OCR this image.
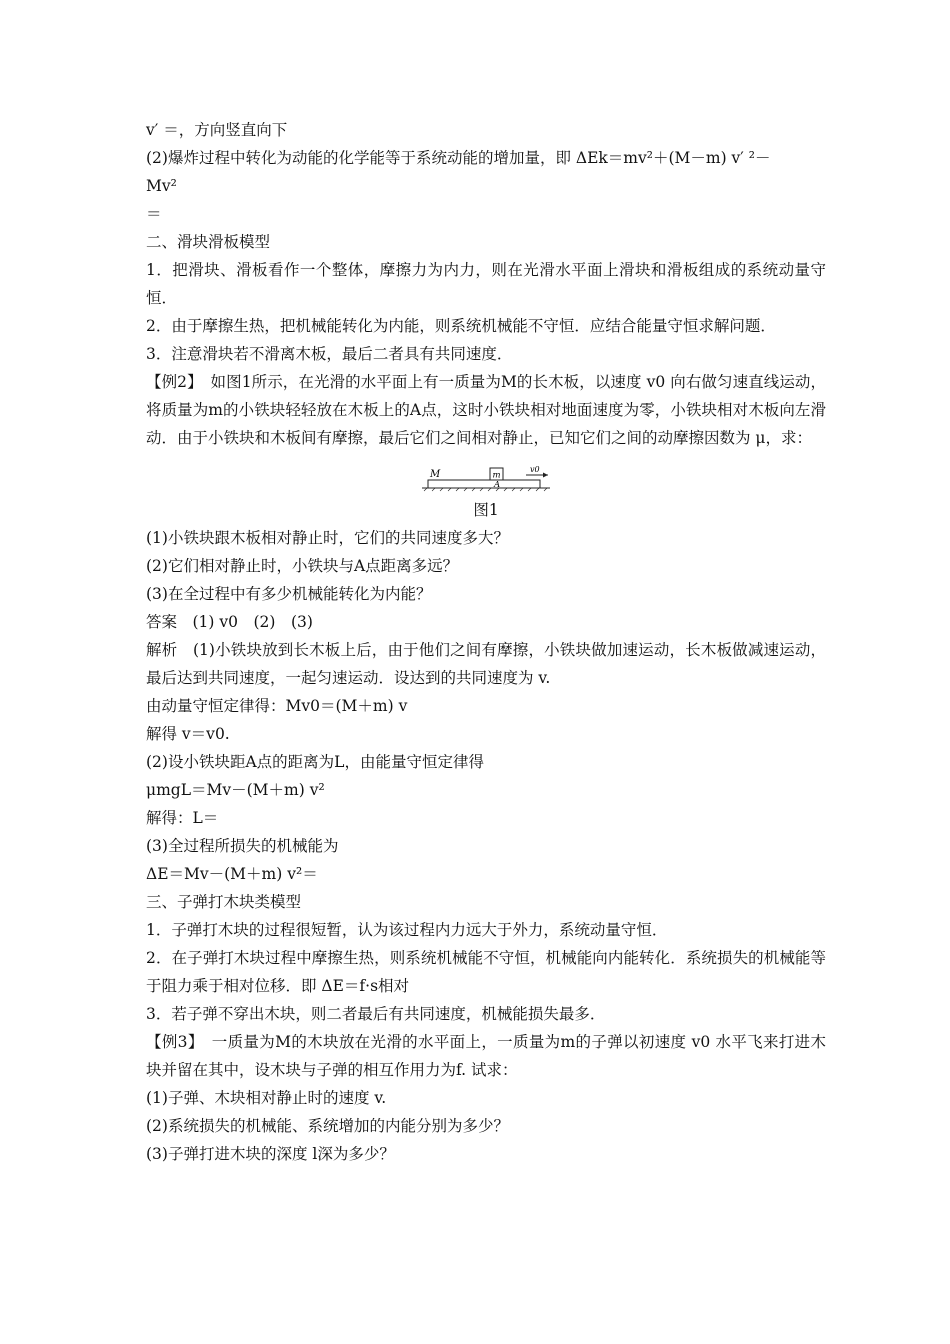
v′ ＝，方向竖直向下

(2)爆炸过程中转化为动能的化学能等于系统动能的增加量，即 ΔEk＝mv²＋(M－m) v′ ²－

Mv²

＝

二、滑块滑板模型

1．把滑块、滑板看作一个整体，摩擦力为内力，则在光滑水平面上滑块和滑板组成的系统动量守恒．

2．由于摩擦生热，把机械能转化为内能，则系统机械能不守恒．应结合能量守恒求解问题．

3．注意滑块若不滑离木板，最后二者具有共同速度．

【例2】　如图1所示，在光滑的水平面上有一质量为M的长木板，以速度 v0 向右做匀速直线运动，将质量为m的小铁块轻轻放在木板上的A点，这时小铁块相对地面速度为零，小铁块相对木板向左滑动．由于小铁块和木板间有摩擦，最后它们之间相对静止，已知它们之间的动摩擦因数为 μ，求：

M	m
A
v0
图1

(1)小铁块跟木板相对静止时，它们的共同速度多大？

(2)它们相对静止时，小铁块与A点距离多远？

(3)在全过程中有多少机械能转化为内能？

答案　(1) v0　(2)　(3)

解析　(1)小铁块放到长木板上后，由于他们之间有摩擦，小铁块做加速运动，长木板做减速运动，最后达到共同速度，一起匀速运动．设达到的共同速度为 v.

由动量守恒定律得：Mv0＝(M＋m) v

解得 v＝v0.

(2)设小铁块距A点的距离为L，由能量守恒定律得

μmgL＝Mv－(M＋m) v²

解得：L＝

(3)全过程所损失的机械能为

ΔE＝Mv－(M＋m) v²＝

三、子弹打木块类模型

1．子弹打木块的过程很短暂，认为该过程内力远大于外力，系统动量守恒．

2．在子弹打木块过程中摩擦生热，则系统机械能不守恒，机械能向内能转化．系统损失的机械能等于阻力乘于相对位移．即 ΔE＝f·s相对

3．若子弹不穿出木块，则二者最后有共同速度，机械能损失最多．

【例3】　一质量为M的木块放在光滑的水平面上，一质量为m的子弹以初速度 v0 水平飞来打进木块并留在其中，设木块与子弹的相互作用力为f. 试求：

(1)子弹、木块相对静止时的速度 v.

(2)系统损失的机械能、系统增加的内能分别为多少？

(3)子弹打进木块的深度 l深为多少？
